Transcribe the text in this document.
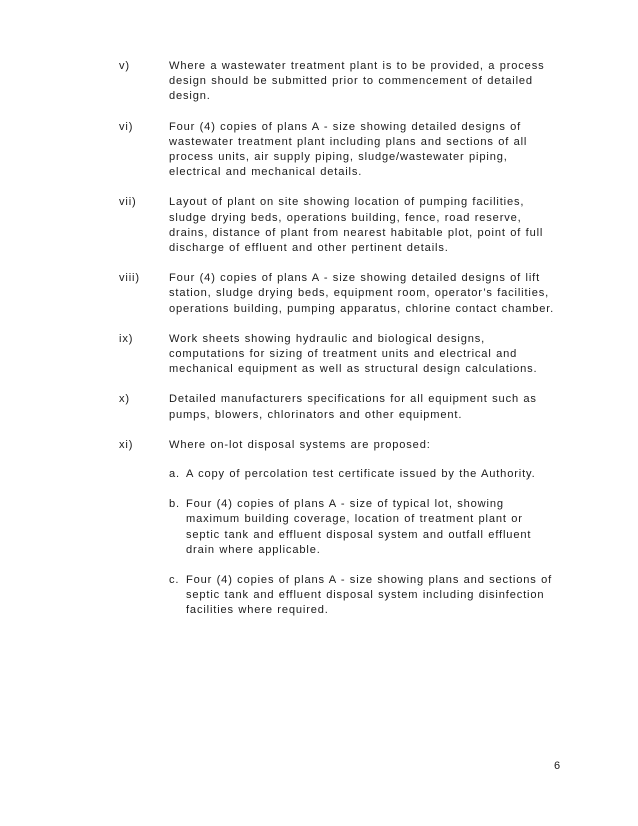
v)	Where a wastewater treatment plant is to be provided, a process design should be submitted prior to commencement of detailed design.
vi)	Four (4) copies of plans A - size showing detailed designs of wastewater treatment plant including plans and sections of all process units, air supply piping, sludge/wastewater piping, electrical and mechanical details.
vii)	Layout of plant on site showing location of pumping facilities, sludge drying beds, operations building, fence, road reserve, drains, distance of plant from nearest habitable plot, point of full discharge of effluent and other pertinent details.
viii)	Four (4) copies of plans A - size showing detailed designs of lift station, sludge drying beds, equipment room, operator’s facilities, operations building, pumping apparatus, chlorine contact chamber.
ix)	Work sheets showing hydraulic and biological designs, computations for sizing of treatment units and electrical and mechanical equipment as well as structural design calculations.
x)	Detailed manufacturers specifications for all equipment such as pumps, blowers, chlorinators and other equipment.
xi)	Where on-lot disposal systems are proposed:
a. A copy of percolation test certificate issued by the Authority.
b. Four (4) copies of plans A - size of typical lot, showing maximum building coverage, location of treatment plant or septic tank and effluent disposal system and outfall effluent drain where applicable.
c. Four (4) copies of plans A - size showing plans and sections of septic tank and effluent disposal system including disinfection facilities where required.
6
